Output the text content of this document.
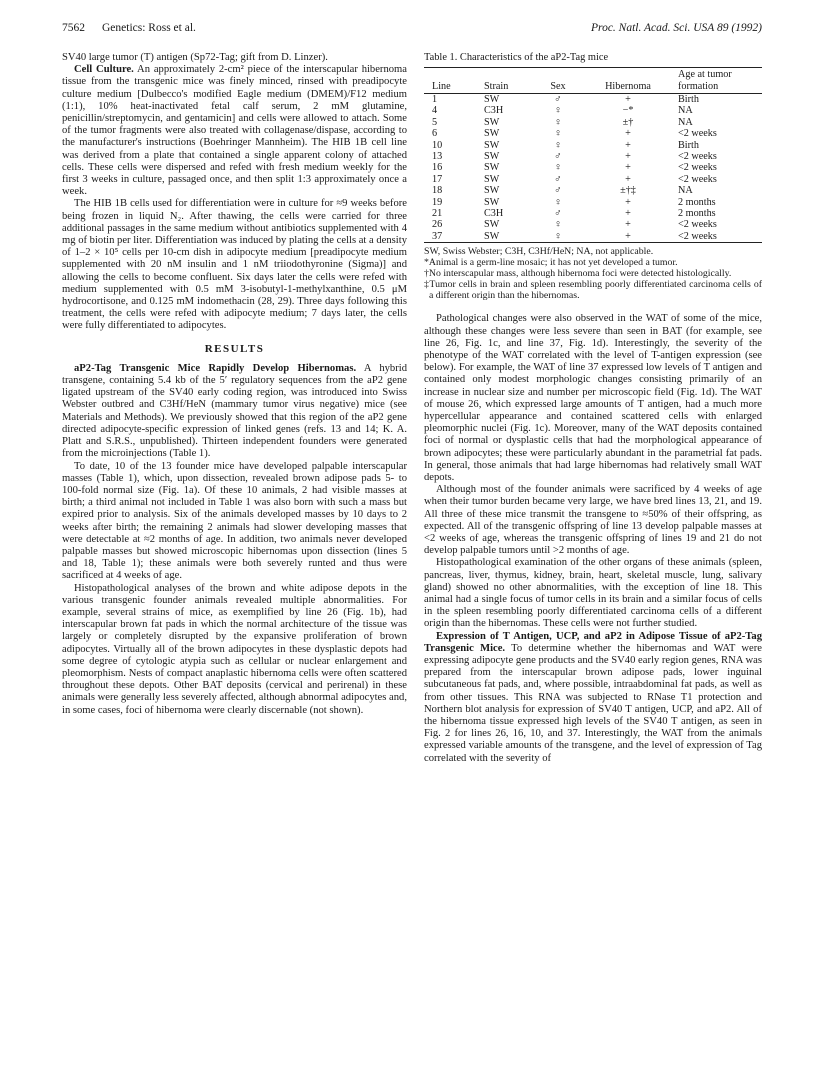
7562 Genetics: Ross et al.	Proc. Natl. Acad. Sci. USA 89 (1992)

SV40 large tumor (T) antigen (Sp72-Tag; gift from D. Linzer).

Cell Culture. An approximately 2-cm² piece of the interscapular hibernoma tissue from the transgenic mice was finely minced, rinsed with preadipocyte culture medium [Dulbecco's modified Eagle medium (DMEM)/F12 medium (1:1), 10% heat-inactivated fetal calf serum, 2 mM glutamine, penicillin/streptomycin, and gentamicin] and cells were allowed to attach. Some of the tumor fragments were also treated with collagenase/dispase, according to the manufacturer's instructions (Boehringer Mannheim). The HIB 1B cell line was derived from a plate that contained a single apparent colony of attached cells. These cells were dispersed and refed with fresh medium weekly for the first 3 weeks in culture, passaged once, and then split 1:3 approximately once a week.

The HIB 1B cells used for differentiation were in culture for ≈9 weeks before being frozen in liquid N₂. After thawing, the cells were carried for three additional passages in the same medium without antibiotics supplemented with 4 mg of biotin per liter. Differentiation was induced by plating the cells at a density of 1–2 × 10⁵ cells per 10-cm dish in adipocyte medium [preadipocyte medium supplemented with 20 nM insulin and 1 nM triiodothyronine (Sigma)] and allowing the cells to become confluent. Six days later the cells were refed with medium supplemented with 0.5 mM 3-isobutyl-1-methylxanthine, 0.5 μM hydrocortisone, and 0.125 mM indomethacin (28, 29). Three days following this treatment, the cells were refed with adipocyte medium; 7 days later, the cells were fully differentiated to adipocytes.

RESULTS

aP2-Tag Transgenic Mice Rapidly Develop Hibernomas. A hybrid transgene, containing 5.4 kb of the 5′ regulatory sequences from the aP2 gene ligated upstream of the SV40 early coding region, was introduced into Swiss Webster outbred and C3Hf/HeN (mammary tumor virus negative) mice (see Materials and Methods). We previously showed that this region of the aP2 gene directed adipocyte-specific expression of linked genes (refs. 13 and 14; K. A. Platt and S.R.S., unpublished). Thirteen independent founders were generated from the microinjections (Table 1).

To date, 10 of the 13 founder mice have developed palpable interscapular masses (Table 1), which, upon dissection, revealed brown adipose pads 5- to 100-fold normal size (Fig. 1a). Of these 10 animals, 2 had visible masses at birth; a third animal not included in Table 1 was also born with such a mass but expired prior to analysis. Six of the animals developed masses by 10 days to 2 weeks after birth; the remaining 2 animals had slower developing masses that were detectable at ≈2 months of age. In addition, two animals never developed palpable masses but showed microscopic hibernomas upon dissection (lines 5 and 18, Table 1); these animals were both severely runted and thus were sacrificed at 4 weeks of age.

Histopathological analyses of the brown and white adipose depots in the various transgenic founder animals revealed multiple abnormalities. For example, several strains of mice, as exemplified by line 26 (Fig. 1b), had interscapular brown fat pads in which the normal architecture of the tissue was largely or completely disrupted by the expansive proliferation of brown adipocytes. Virtually all of the brown adipocytes in these dysplastic depots had some degree of cytologic atypia such as cellular or nuclear enlargement and pleomorphism. Nests of compact anaplastic hibernoma cells were often scattered throughout these depots. Other BAT deposits (cervical and perirenal) in these animals were generally less severely affected, although abnormal adipocytes and, in some cases, foci of hibernoma were clearly discernable (not shown).

Table 1. Characteristics of the aP2-Tag mice
Line	Strain	Sex	Hibernoma	Age at tumor formation
1	SW	♂	+	Birth
4	C3H	♀	−*	NA
5	SW	♀	±†	NA
6	SW	♀	+	<2 weeks
10	SW	♀	+	Birth
13	SW	♂	+	<2 weeks
16	SW	♀	+	<2 weeks
17	SW	♂	+	<2 weeks
18	SW	♂	±†‡	NA
19	SW	♀	+	2 months
21	C3H	♂	+	2 months
26	SW	♀	+	<2 weeks
37	SW	♀	+	<2 weeks
SW, Swiss Webster; C3H, C3Hf/HeN; NA, not applicable.
*Animal is a germ-line mosaic; it has not yet developed a tumor.
†No interscapular mass, although hibernoma foci were detected histologically.
‡Tumor cells in brain and spleen resembling poorly differentiated carcinoma cells of a different origin than the hibernomas.

Pathological changes were also observed in the WAT of some of the mice, although these changes were less severe than seen in BAT (for example, see line 26, Fig. 1c, and line 37, Fig. 1d). Interestingly, the severity of the phenotype of the WAT correlated with the level of T-antigen expression (see below). For example, the WAT of line 37 expressed low levels of T antigen and contained only modest morphologic changes consisting primarily of an increase in nuclear size and number per microscopic field (Fig. 1d). The WAT of mouse 26, which expressed large amounts of T antigen, had a much more hypercellular appearance and contained scattered cells with enlarged pleomorphic nuclei (Fig. 1c). Moreover, many of the WAT deposits contained foci of normal or dysplastic cells that had the morphological appearance of brown adipocytes; these were particularly abundant in the parametrial fat pads. In general, those animals that had large hibernomas had relatively small WAT depots.

Although most of the founder animals were sacrificed by 4 weeks of age when their tumor burden became very large, we have bred lines 13, 21, and 19. All three of these mice transmit the transgene to ≈50% of their offspring, as expected. All of the transgenic offspring of line 13 develop palpable masses at <2 weeks of age, whereas the transgenic offspring of lines 19 and 21 do not develop palpable tumors until >2 months of age.

Histopathological examination of the other organs of these animals (spleen, pancreas, liver, thymus, kidney, brain, heart, skeletal muscle, lung, salivary gland) showed no other abnormalities, with the exception of line 18. This animal had a single focus of tumor cells in its brain and a similar focus of cells in the spleen resembling poorly differentiated carcinoma cells of a different origin than the hibernomas. These cells were not further studied.

Expression of T Antigen, UCP, and aP2 in Adipose Tissue of aP2-Tag Transgenic Mice. To determine whether the hibernomas and WAT were expressing adipocyte gene products and the SV40 early region genes, RNA was prepared from the interscapular brown adipose pads, lower inguinal subcutaneous fat pads, and, where possible, intraabdominal fat pads, as well as from other tissues. This RNA was subjected to RNase T1 protection and Northern blot analysis for expression of SV40 T antigen, UCP, and aP2. All of the hibernoma tissue expressed high levels of the SV40 T antigen, as seen in Fig. 2 for lines 26, 16, 10, and 37. Interestingly, the WAT from the animals expressed variable amounts of the transgene, and the level of expression of Tag correlated with the severity of
